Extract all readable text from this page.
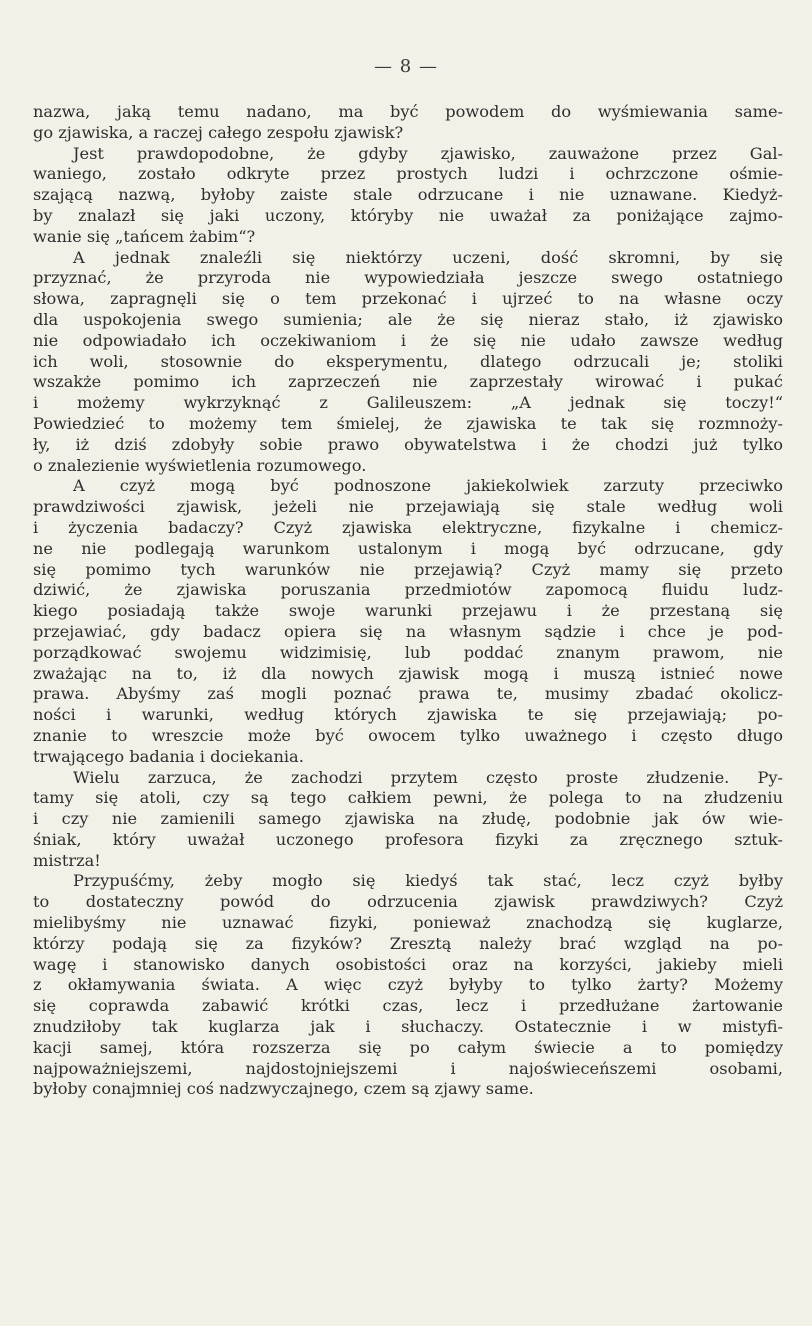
— 8 —
nazwa, jaką temu nadano, ma być powodem do wyśmiewania same-
go zjawiska, a raczej całego zespołu zjawisk?
Jest prawdopodobne, że gdyby zjawisko, zauważone przez Gal-
waniego, zostało odkryte przez prostych ludzi i ochrzczone ośmie-
szającą nazwą, byłoby zaiste stale odrzucane i nie uznawane. Kiedyż-
by znalazł się jaki uczony, któryby nie uważał za poniżające zajmo-
wanie się „tańcem żabim“?
A jednak znaleźli się niektórzy uczeni, dość skromni, by się
przyznać, że przyroda nie wypowiedziała jeszcze swego ostatniego
słowa, zapragnęli się o tem przekonać i ujrzeć to na własne oczy
dla uspokojenia swego sumienia; ale że się nieraz stało, iż zjawisko
nie odpowiadało ich oczekiwaniom i że się nie udało zawsze według
ich woli, stosownie do eksperymentu, dlatego odrzucali je; stoliki
wszakże pomimo ich zaprzeczeń nie zaprzestały wirować i pukać
i możemy wykrzyknąć z Galileuszem: „A jednak się toczy!“
Powiedzieć to możemy tem śmielej, że zjawiska te tak się rozmnoży-
ły, iż dziś zdobyły sobie prawo obywatelstwa i że chodzi już tylko
o znalezienie wyświetlenia rozumowego.
A czyż mogą być podnoszone jakiekolwiek zarzuty przeciwko
prawdziwości zjawisk, jeżeli nie przejawiają się stale według woli
i życzenia badaczy? Czyż zjawiska elektryczne, fizykalne i chemicz-
ne nie podlegają warunkom ustalonym i mogą być odrzucane, gdy
się pomimo tych warunków nie przejawią? Czyż mamy się przeto
dziwić, że zjawiska poruszania przedmiotów zapomocą fluidu ludz-
kiego posiadają także swoje warunki przejawu i że przestaną się
przejawiać, gdy badacz opiera się na własnym sądzie i chce je pod-
porządkować swojemu widzimisię, lub poddać znanym prawom, nie
zważając na to, iż dla nowych zjawisk mogą i muszą istnieć nowe
prawa. Abyśmy zaś mogli poznać prawa te, musimy zbadać okolicz-
ności i warunki, według których zjawiska te się przejawiają; po-
znanie to wreszcie może być owocem tylko uważnego i często długo
trwającego badania i dociekania.
Wielu zarzuca, że zachodzi przytem często proste złudzenie. Py-
tamy się atoli, czy są tego całkiem pewni, że polega to na złudzeniu
i czy nie zamienili samego zjawiska na złudę, podobnie jak ów wie-
śniak, który uważał uczonego profesora fizyki za zręcznego sztuk-
mistrza!
Przypuśćmy, żeby mogło się kiedyś tak stać, lecz czyż byłby
to dostateczny powód do odrzucenia zjawisk prawdziwych? Czyż
mielibyśmy nie uznawać fizyki, ponieważ znachodzą się kuglarze,
którzy podają się za fizyków? Zresztą należy brać wzgląd na po-
wagę i stanowisko danych osobistości oraz na korzyści, jakieby mieli
z okłamywania świata. A więc czyż byłyby to tylko żarty? Możemy
się coprawda zabawić krótki czas, lecz i przedłużane żartowanie
znudziłoby tak kuglarza jak i słuchaczy. Ostatecznie i w mistyfi-
kacji samej, która rozszerza się po całym świecie a to pomiędzy
najpoważniejszemi, najdostojniejszemi i najoświeceńszemi osobami,
byłoby conajmniej coś nadzwyczajnego, czem są zjawy same.
